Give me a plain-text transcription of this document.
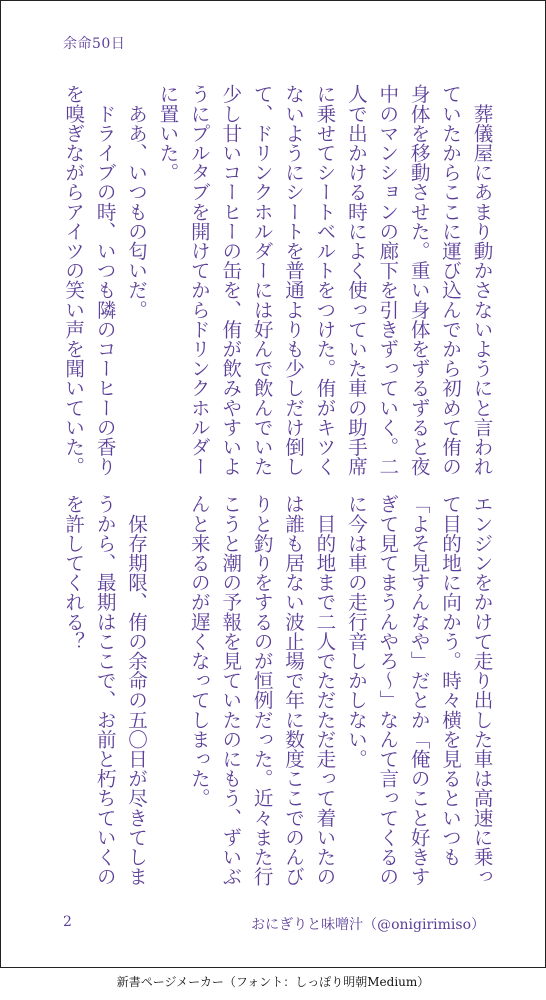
余命50日
　葬儀屋にあまり動かさないようにと言われ
ていたからここに運び込んでから初めて侑の
身体を移動させた。重い身体をずるずると夜
中のマンションの廊下を引きずっていく。二
人で出かける時によく使っていた車の助手席
に乗せてシートベルトをつけた。侑がキツく
ないようにシートを普通よりも少しだけ倒し
て、ドリンクホルダーには好んで飲んでいた
少し甘いコーヒーの缶を、侑が飲みやすいよ
うにプルタブを開けてからドリンクホルダー
に置いた。
　ああ、いつもの匂いだ。
　ドライブの時、いつも隣のコーヒーの香り
を嗅ぎながらアイツの笑い声を聞いていた。
エンジンをかけて走り出した車は高速に乗っ
て目的地に向かう。時々横を見るといつも
「よそ見すんなや」だとか「俺のこと好きす
ぎて見てまうんやろ～」なんて言ってくるの
に今は車の走行音しかしない。
　目的地まで二人でただただ走って着いたの
は誰も居ない波止場で年に数度ここでのんび
りと釣りをするのが恒例だった。近々また行
こうと潮の予報を見ていたのにもう、ずいぶ
んと来るのが遅くなってしまった。

　保存期限、侑の余命の五〇日が尽きてしま
うから、最期はここで、お前と朽ちていくの
を許してくれる？
2	おにぎりと味噌汁（@onigirimiso）
新書ページメーカー（フォント：しっぽり明朝Medium）
